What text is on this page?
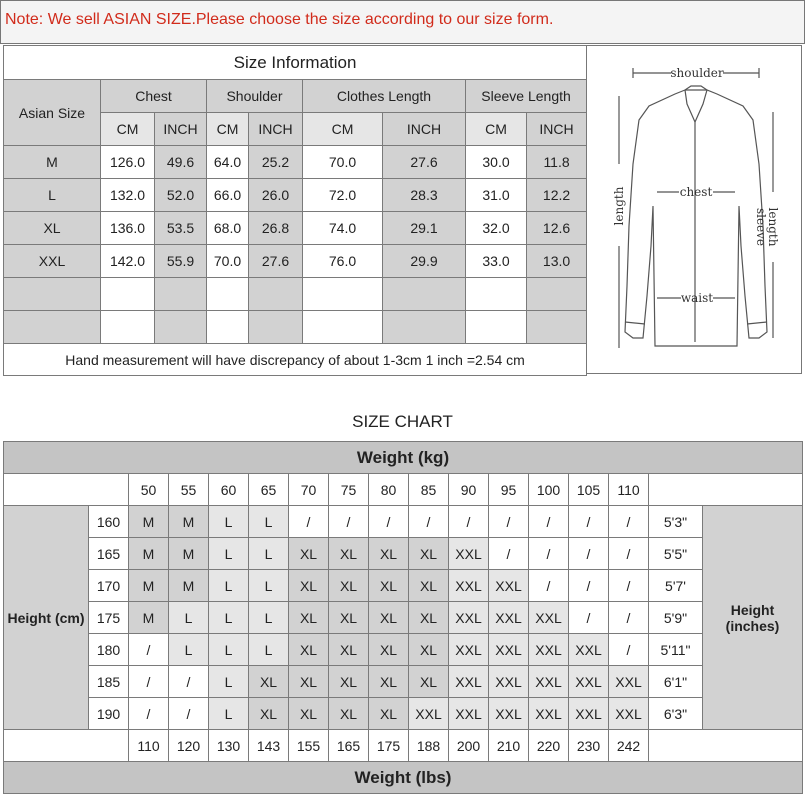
Note: We sell ASIAN SIZE.Please choose the size according to our size form.
Size Information								
Asian Size	Chest		Shoulder		Clothes Length		Sleeve Length	
	CM	INCH	CM	INCH	CM	INCH	CM	INCH
M	126.0	49.6	64.0	25.2	70.0	27.6	30.0	11.8
L	132.0	52.0	66.0	26.0	72.0	28.3	31.0	12.2
XL	136.0	53.5	68.0	26.8	74.0	29.1	32.0	12.6
XXL	142.0	55.9	70.0	27.6	76.0	29.9	33.0	13.0

Hand measurement will have discrepancy of about 1-3cm 1 inch =2.54 cm								
shoulder
chest
waist
length
sleeve
length
SIZE CHART
Weight (kg)																
		50	55	60	65	70	75	80	85	90	95	100	105	110		
Height (cm)	160	M	M	L	L	/	/	/	/	/	/	/	/	/	5'3"	Height (inches)
	165	M	M	L	L	XL	XL	XL	XL	XXL	/	/	/	/	5'5"	
	170	M	M	L	L	XL	XL	XL	XL	XXL	XXL	/	/	/	5'7'	
	175	M	L	L	L	XL	XL	XL	XL	XXL	XXL	XXL	/	/	5'9"	
	180	/	L	L	L	XL	XL	XL	XL	XXL	XXL	XXL	XXL	/	5'11"	
	185	/	/	L	XL	XL	XL	XL	XL	XXL	XXL	XXL	XXL	XXL	6'1"	
	190	/	/	L	XL	XL	XL	XL	XXL	XXL	XXL	XXL	XXL	XXL	6'3"	
		110	120	130	143	155	165	175	188	200	210	220	230	242		
Weight (lbs)																
